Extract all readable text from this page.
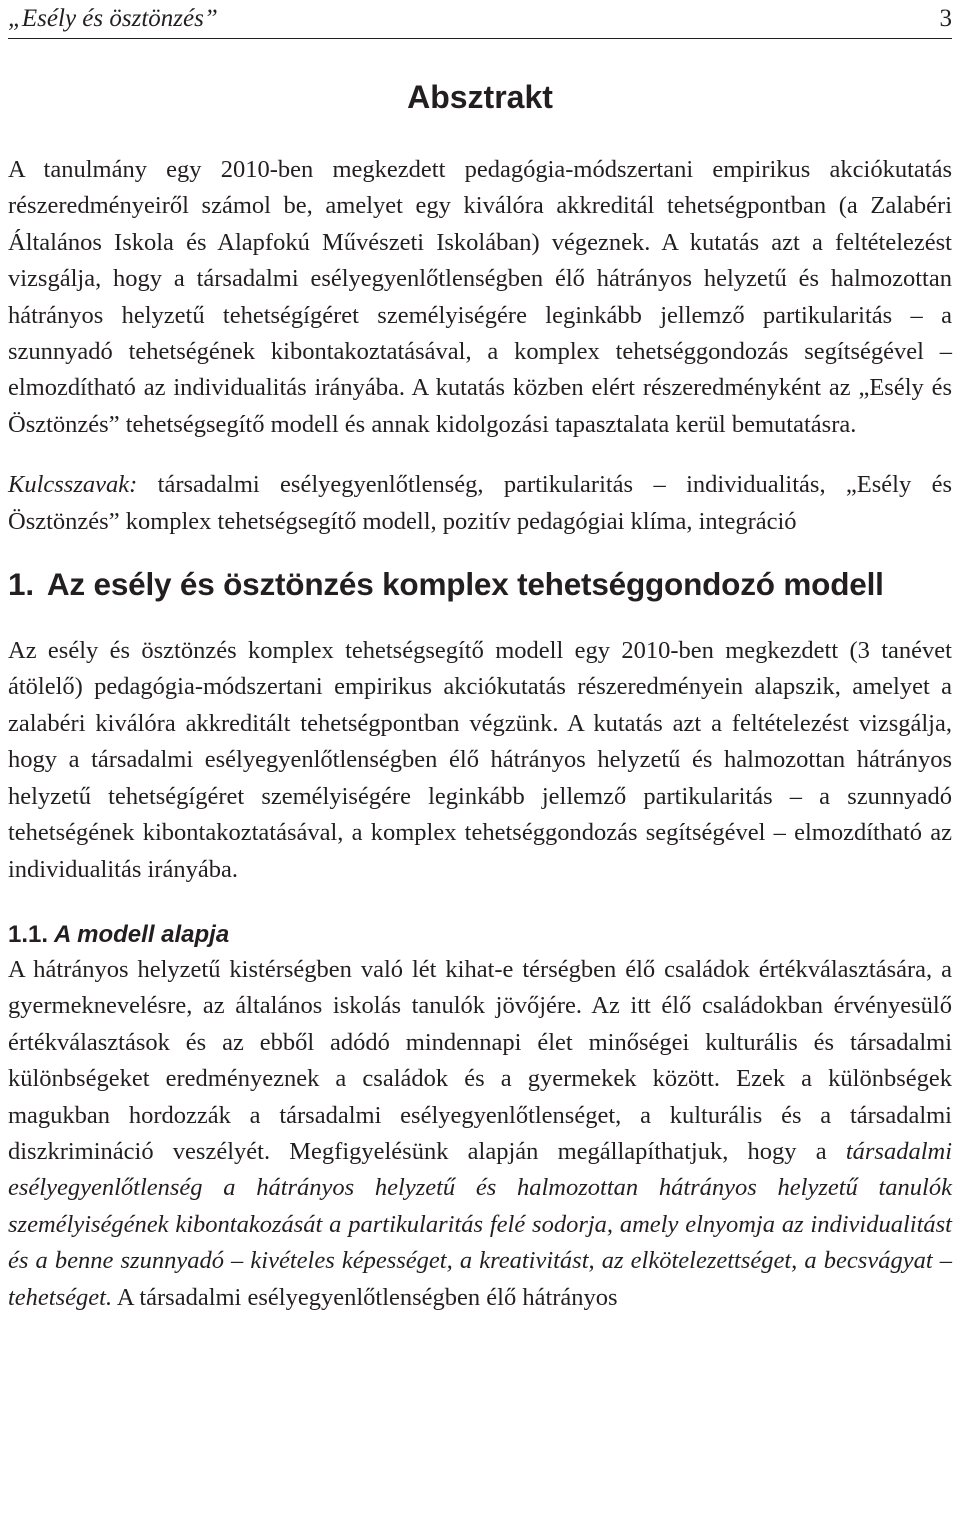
„Esély és ösztönzés”	3
Absztrakt

A tanulmány egy 2010-ben megkezdett pedagógia-módszertani empirikus akciókutatás részeredményeiről számol be, amelyet egy kiválóra akkreditál tehetségpontban (a Zalabéri Általános Iskola és Alapfokú Művészeti Iskolában) végeznek. A kutatás azt a feltételezést vizsgálja, hogy a társadalmi esélyegyenlőtlenségben élő hátrányos helyzetű és halmozottan hátrányos helyzetű tehetségígéret személyiségére leginkább jellemző partikularitás – a szunnyadó tehetségének kibontakoztatásával, a komplex tehetséggondozás segítségével – elmozdítható az individualitás irányába. A kutatás közben elért részeredményként az „Esély és Ösztönzés” tehetségsegítő modell és annak kidolgozási tapasztalata kerül bemutatásra.

Kulcsszavak: társadalmi esélyegyenlőtlenség, partikularitás – individualitás, „Esély és Ösztönzés” komplex tehetségsegítő modell, pozitív pedagógiai klíma, integráció

1. Az esély és ösztönzés komplex tehetséggondozó modell

Az esély és ösztönzés komplex tehetségsegítő modell egy 2010-ben megkezdett (3 tanévet átölelő) pedagógia-módszertani empirikus akciókutatás részeredményein alapszik, amelyet a zalabéri kiválóra akkreditált tehetségpontban végzünk. A kutatás azt a feltételezést vizsgálja, hogy a társadalmi esélyegyenlőtlenségben élő hátrányos helyzetű és halmozottan hátrányos helyzetű tehetségígéret személyiségére leginkább jellemző partikularitás – a szunnyadó tehetségének kibontakoztatásával, a komplex tehetséggondozás segítségével – elmozdítható az individualitás irányába.

1.1. A modell alapja

A hátrányos helyzetű kistérségben való lét kihat-e térségben élő családok értékválasztására, a gyermeknevelésre, az általános iskolás tanulók jövőjére. Az itt élő családokban érvényesülő értékválasztások és az ebből adódó mindennapi élet minőségei kulturális és társadalmi különbségeket eredményeznek a családok és a gyermekek között. Ezek a különbségek magukban hordozzák a társadalmi esélyegyenlőtlenséget, a kulturális és a társadalmi diszkrimináció veszélyét. Megfigyelésünk alapján megállapíthatjuk, hogy a társadalmi esélyegyenlőtlenség a hátrányos helyzetű és halmozottan hátrányos helyzetű tanulók személyiségének kibontakozását a partikularitás felé sodorja, amely elnyomja az individualitást és a benne szunnyadó – kivételes képességet, a kreativitást, az elkötelezettséget, a becsvágyat – tehetséget. A társadalmi esélyegyenlőtlenségben élő hátrányos
